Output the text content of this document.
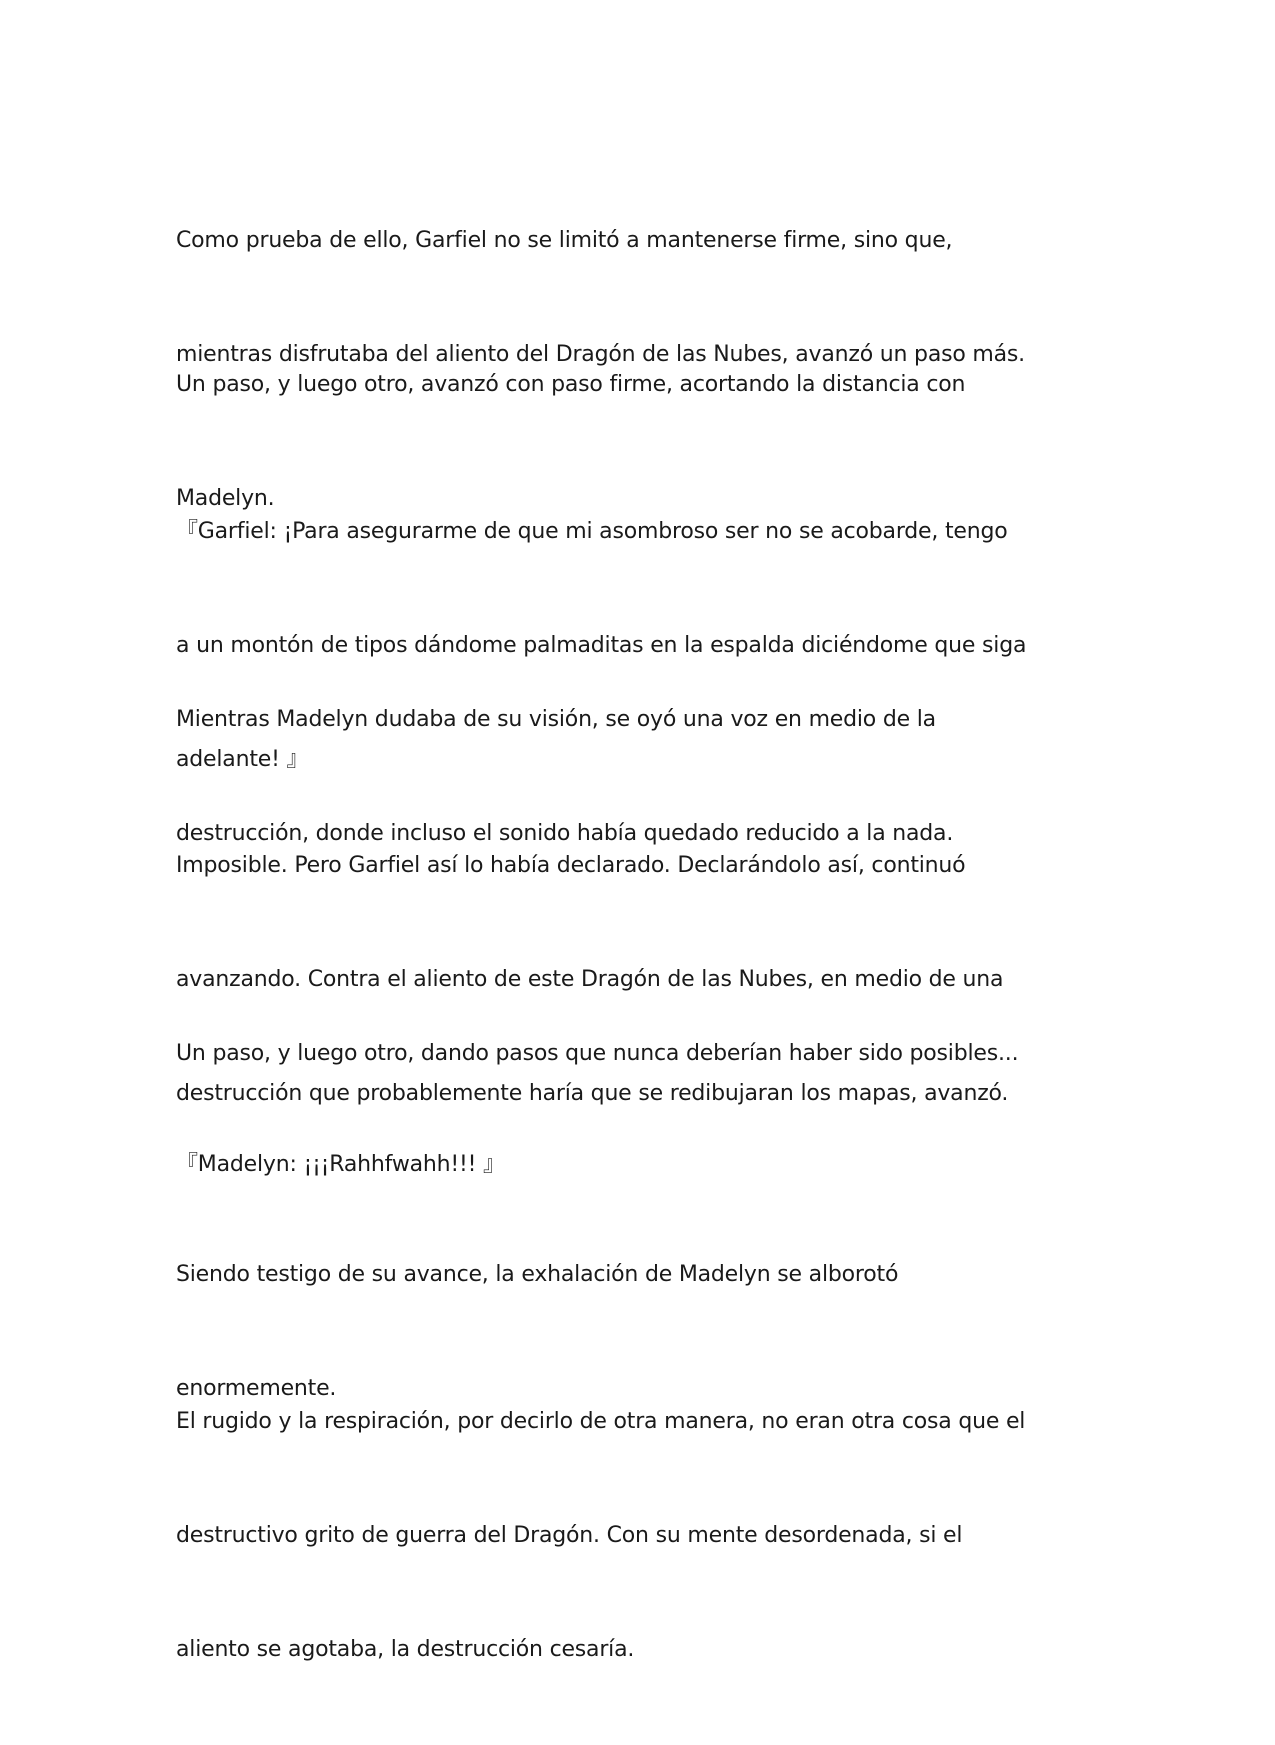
Como prueba de ello, Garfiel no se limitó a mantenerse firme, sino que,

mientras disfrutaba del aliento del Dragón de las Nubes, avanzó un paso más.

Un paso, y luego otro, avanzó con paso firme, acortando la distancia con

Madelyn.

『Garfiel: ¡Para asegurarme de que mi asombroso ser no se acobarde, tengo

a un montón de tipos dándome palmaditas en la espalda diciéndome que siga

adelante! 』

Mientras Madelyn dudaba de su visión, se oyó una voz en medio de la

destrucción, donde incluso el sonido había quedado reducido a la nada.

Imposible. Pero Garfiel así lo había declarado. Declarándolo así, continuó

avanzando. Contra el aliento de este Dragón de las Nubes, en medio de una

destrucción que probablemente haría que se redibujaran los mapas, avanzó.

Un paso, y luego otro, dando pasos que nunca deberían haber sido posibles...

『Madelyn: ¡¡¡Rahhfwahh!!! 』

Siendo testigo de su avance, la exhalación de Madelyn se alborotó

enormemente.

El rugido y la respiración, por decirlo de otra manera, no eran otra cosa que el

destructivo grito de guerra del Dragón. Con su mente desordenada, si el

aliento se agotaba, la destrucción cesaría.
